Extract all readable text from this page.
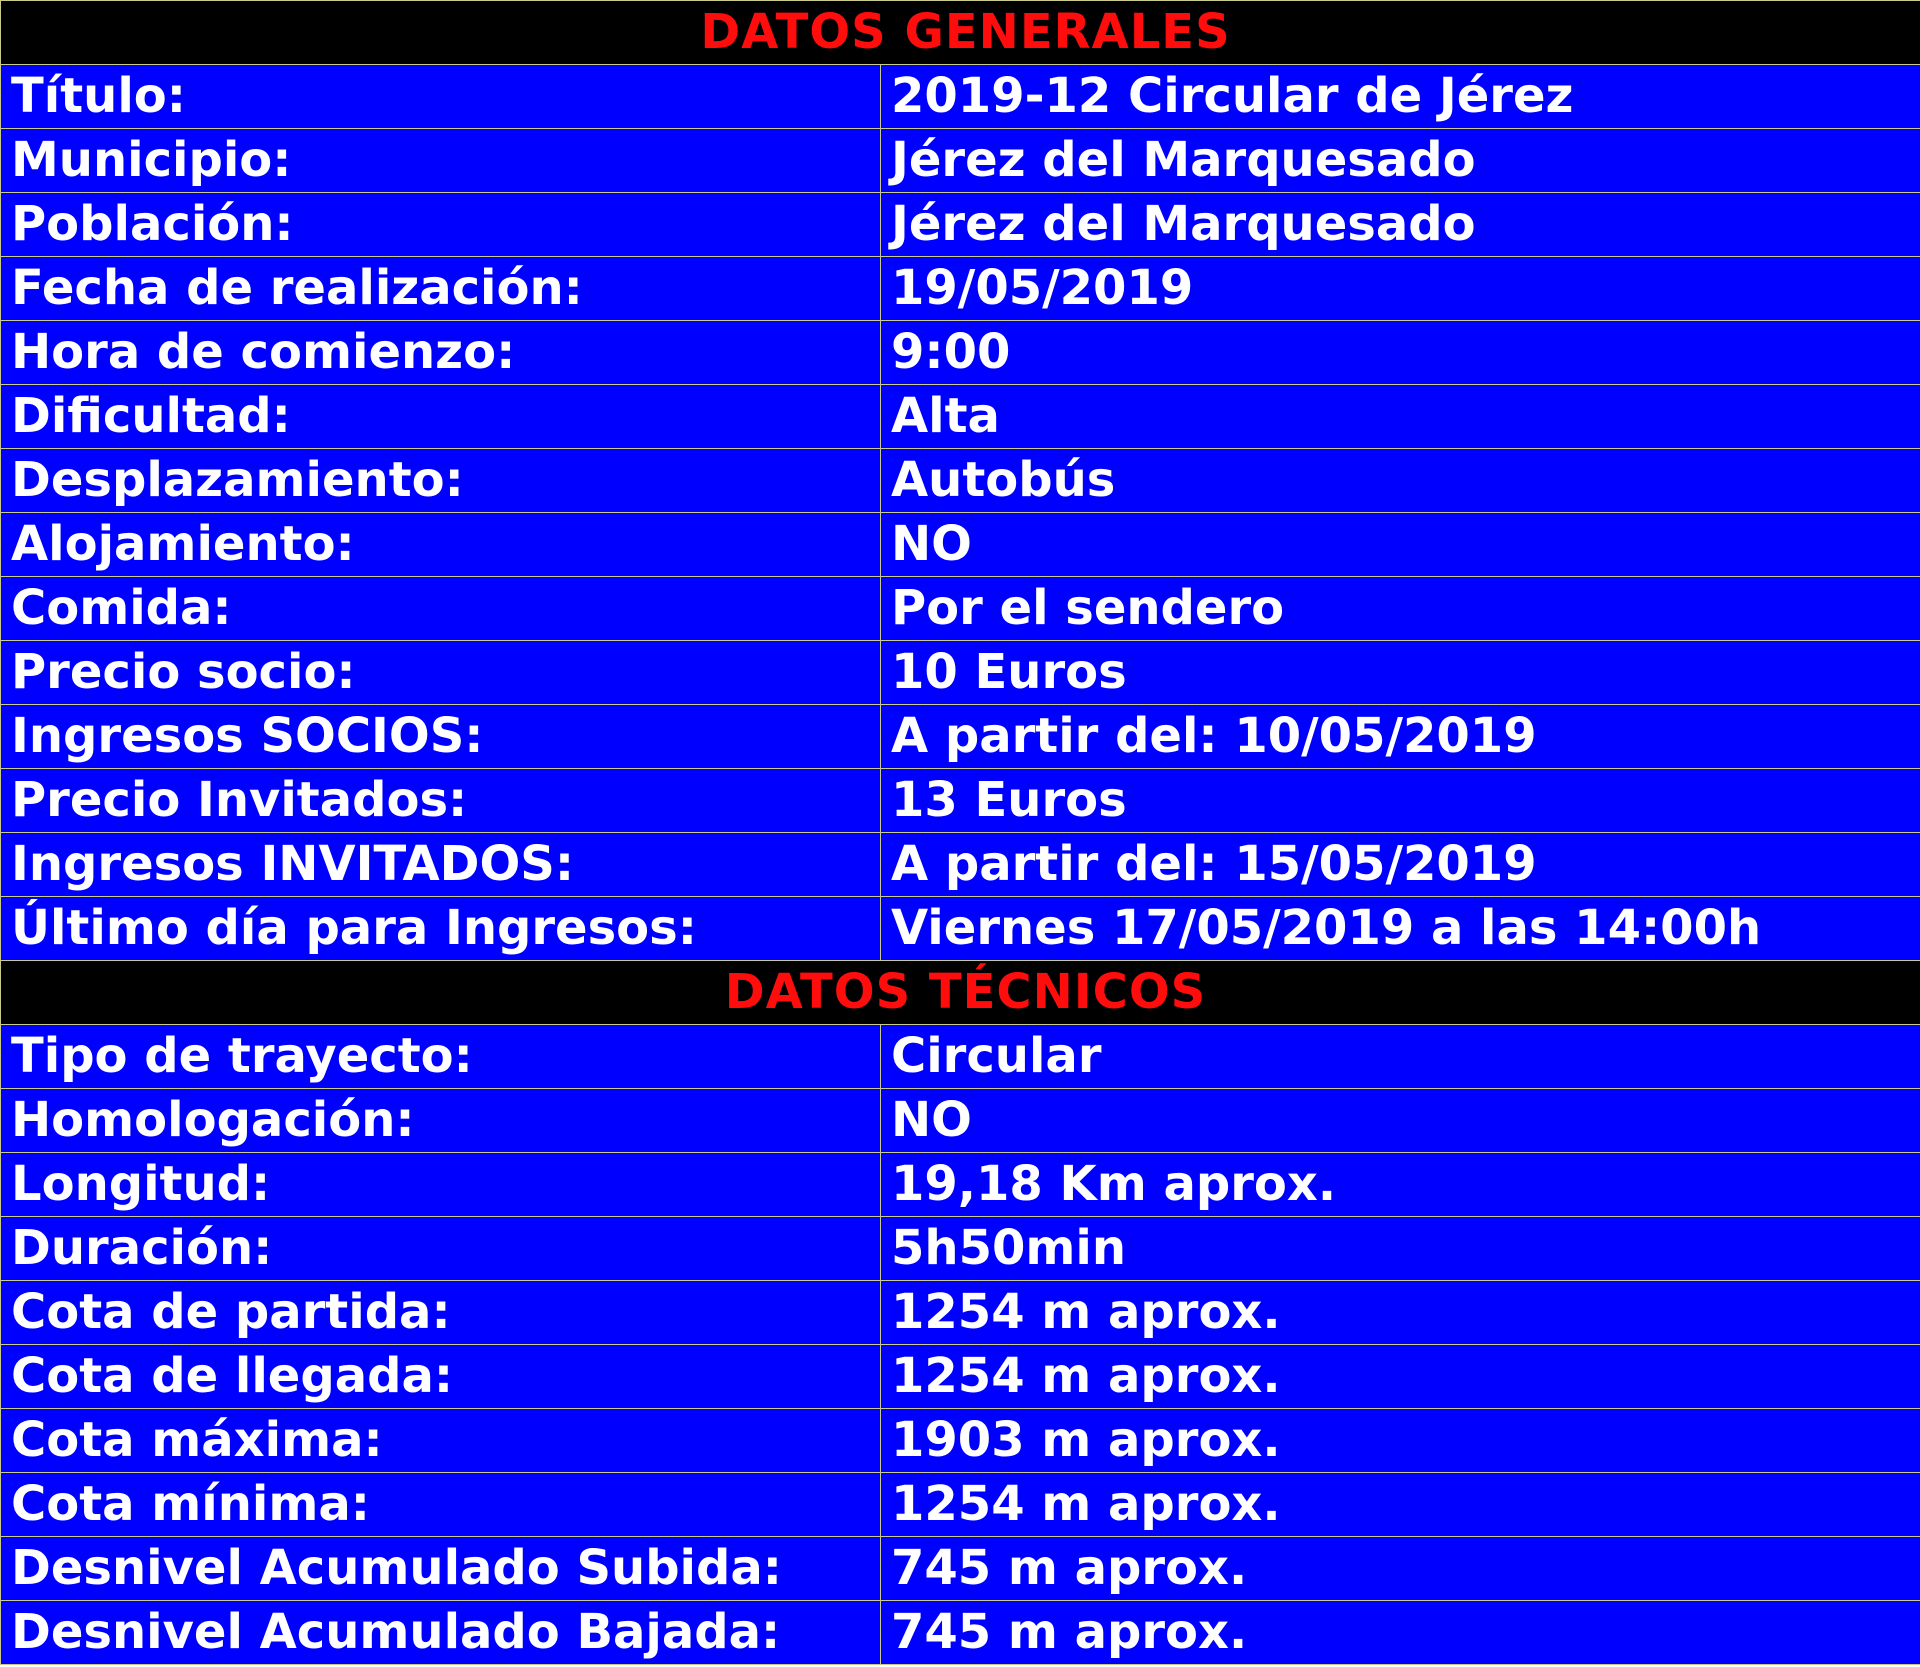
DATOS GENERALES	
Título:	2019-12 Circular de Jérez
Municipio:	Jérez del Marquesado
Población:	Jérez del Marquesado
Fecha de realización:	19/05/2019
Hora de comienzo:	9:00
Dificultad:	Alta
Desplazamiento:	Autobús
Alojamiento:	NO
Comida:	Por el sendero
Precio socio:	10 Euros
Ingresos SOCIOS:	A partir del: 10/05/2019
Precio Invitados:	13 Euros
Ingresos INVITADOS:	A partir del: 15/05/2019
Último día para Ingresos:	Viernes 17/05/2019 a las 14:00h
DATOS TÉCNICOS	
Tipo de trayecto:	Circular
Homologación:	NO
Longitud:	19,18 Km aprox.
Duración:	5h50min
Cota de partida:	1254 m aprox.
Cota de llegada:	1254 m aprox.
Cota máxima:	1903 m aprox.
Cota mínima:	1254 m aprox.
Desnivel Acumulado Subida:	745 m aprox.
Desnivel Acumulado Bajada:	745 m aprox.
